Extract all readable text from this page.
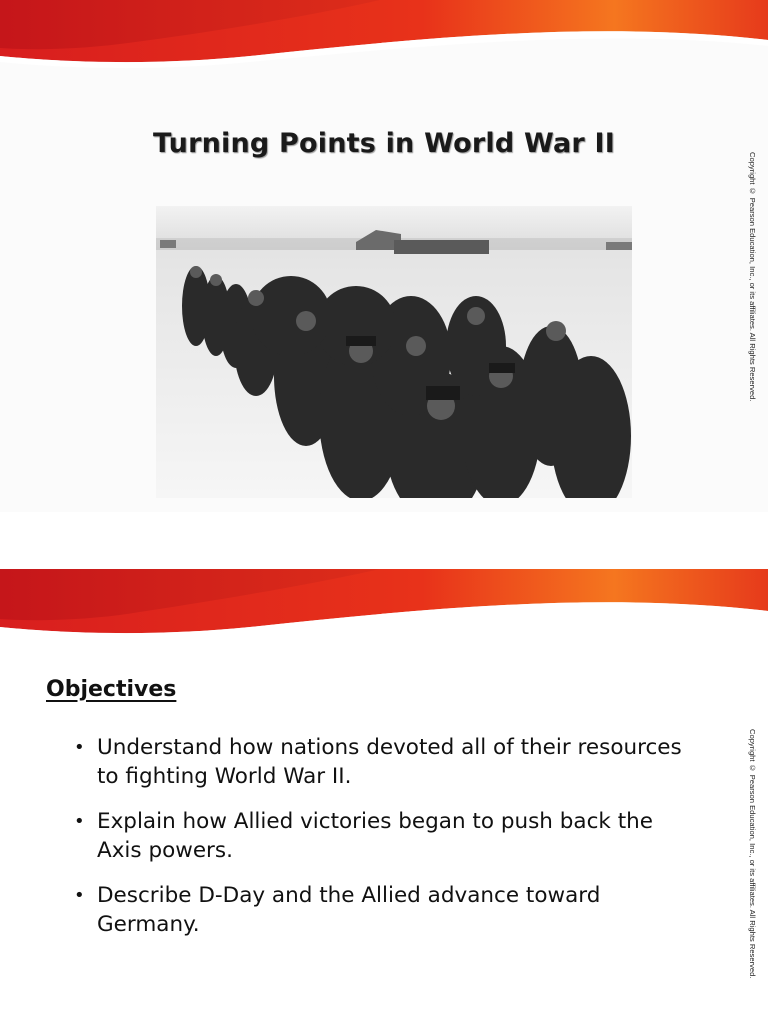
Turning Points in World War II
Copyright © Pearson Education, Inc., or its affiliates. All Rights Reserved.
Objectives
• Understand how nations devoted all of their resources to fighting World War II.
• Explain how Allied victories began to push back the Axis powers.
• Describe D-Day and the Allied advance toward Germany.	Copyright © Pearson Education, Inc., or its affiliates. All Rights Reserved.
